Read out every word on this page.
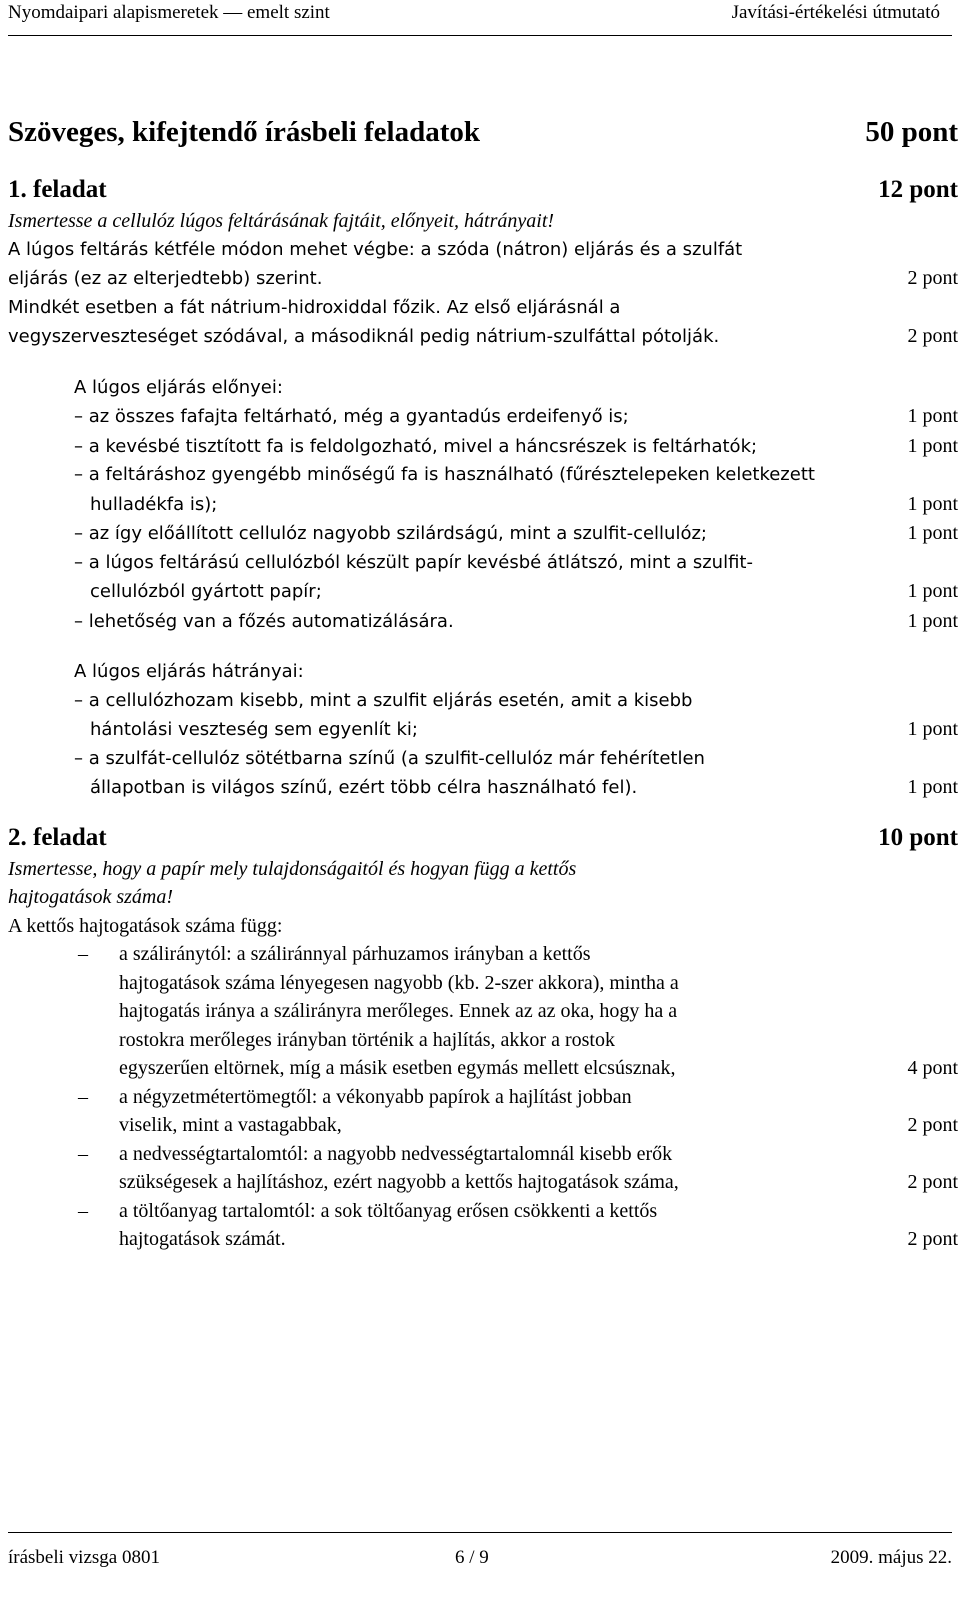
Nyomdaipari alapismeretek — emelt szint	Javítási-értékelési útmutató
Szöveges, kifejtendő írásbeli feladatok	50 pont
1. feladat	12 pont
Ismertesse a cellulóz lúgos feltárásának fajtáit, előnyeit, hátrányait!
A lúgos feltárás kétféle módon mehet végbe: a szóda (nátron) eljárás és a szulfát
eljárás (ez az elterjedtebb) szerint.	2 pont
Mindkét esetben a fát nátrium-hidroxiddal főzik. Az első eljárásnál a
vegyszerveszteséget szódával, a másodiknál pedig nátrium-szulfáttal pótolják.	2 pont
A lúgos eljárás előnyei:
– az összes fafajta feltárható, még a gyantadús erdeifenyő is;	1 pont
– a kevésbé tisztított fa is feldolgozható, mivel a háncsrészek is feltárhatók;	1 pont
– a feltáráshoz gyengébb minőségű fa is használható (fűrésztelepeken keletkezett
hulladékfa is);	1 pont
– az így előállított cellulóz nagyobb szilárdságú, mint a szulfit-cellulóz;	1 pont
– a lúgos feltárású cellulózból készült papír kevésbé átlátszó, mint a szulfit-
cellulózból gyártott papír;	1 pont
– lehetőség van a főzés automatizálására.	1 pont
A lúgos eljárás hátrányai:
– a cellulózhozam kisebb, mint a szulfit eljárás esetén, amit a kisebb
hántolási veszteség sem egyenlít ki;	1 pont
– a szulfát-cellulóz sötétbarna színű (a szulfit-cellulóz már fehérítetlen
állapotban is világos színű, ezért több célra használható fel).	1 pont
2. feladat	10 pont
Ismertesse, hogy a papír mely tulajdonságaitól és hogyan függ a kettős
hajtogatások száma!
A kettős hajtogatások száma függ:
– a száliránytól: a száliránnyal párhuzamos irányban a kettős
hajtogatások száma lényegesen nagyobb (kb. 2-szer akkora), mintha a
hajtogatás iránya a szálirányra merőleges. Ennek az az oka, hogy ha a
rostokra merőleges irányban történik a hajlítás, akkor a rostok
egyszerűen eltörnek, míg a másik esetben egymás mellett elcsúsznak,	4 pont
– a négyzetmétertömegtől: a vékonyabb papírok a hajlítást jobban
viselik, mint a vastagabbak,	2 pont
– a nedvességtartalomtól: a nagyobb nedvességtartalomnál kisebb erők
szükségesek a hajlításhoz, ezért nagyobb a kettős hajtogatások száma,	2 pont
– a töltőanyag tartalomtól: a sok töltőanyag erősen csökkenti a kettős
hajtogatások számát.	2 pont
írásbeli vizsga 0801	6 / 9	2009. május 22.
